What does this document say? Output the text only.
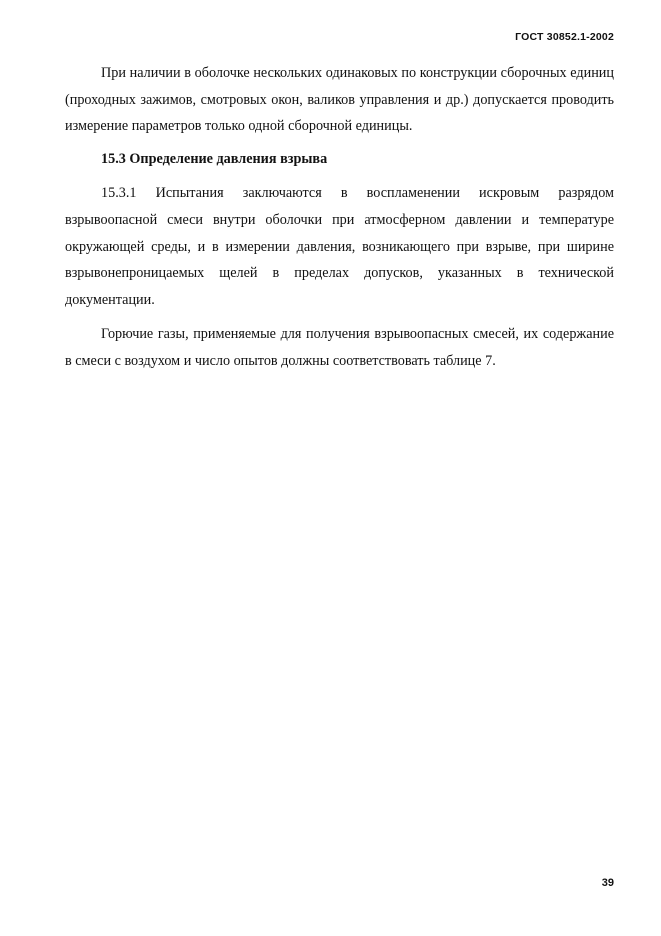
ГОСТ 30852.1-2002

При наличии в оболочке нескольких одинаковых по конструкции сборочных единиц (проходных зажимов, смотровых окон, валиков управления и др.) допускается проводить измерение параметров только одной сборочной единицы.

15.3 Определение давления взрыва

15.3.1 Испытания заключаются в воспламенении искровым разрядом взрывоопасной смеси внутри оболочки при атмосферном давлении и температуре окружающей среды, и в измерении давления, возникающего при взрыве, при ширине взрывонепроницаемых щелей в пределах допусков, указанных в технической документации.

Горючие газы, применяемые для получения взрывоопасных смесей, их содержание в смеси с воздухом и число опытов должны соответствовать таблице 7.

39
